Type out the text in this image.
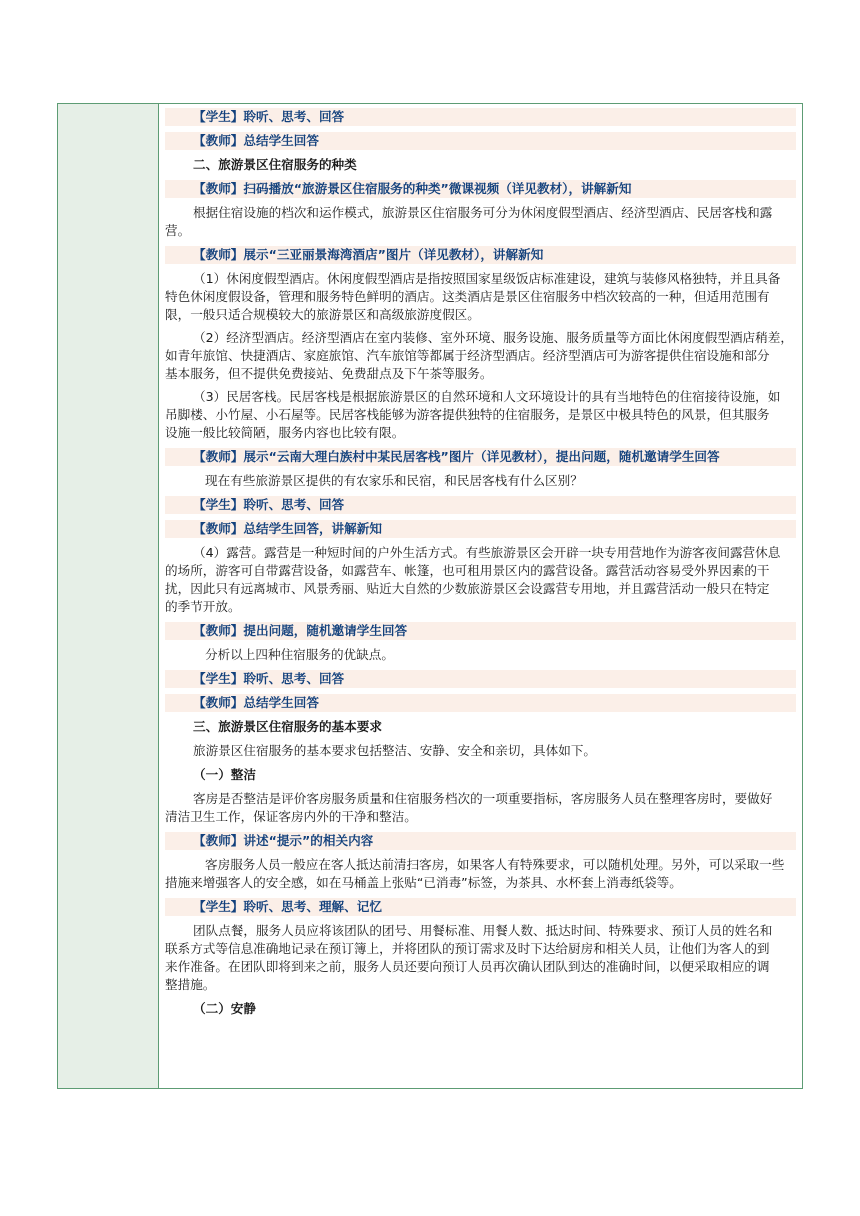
【学生】聆听、思考、回答
【教师】总结学生回答
二、旅游景区住宿服务的种类
【教师】扫码播放“旅游景区住宿服务的种类”微课视频（详见教材），讲解新知
根据住宿设施的档次和运作模式，旅游景区住宿服务可分为休闲度假型酒店、经济型酒店、民居客栈和露
营。
【教师】展示“三亚丽景海湾酒店”图片（详见教材），讲解新知
（1）休闲度假型酒店。休闲度假型酒店是指按照国家星级饭店标准建设，建筑与装修风格独特，并且具备
特色休闲度假设备，管理和服务特色鲜明的酒店。这类酒店是景区住宿服务中档次较高的一种，但适用范围有
限，一般只适合规模较大的旅游景区和高级旅游度假区。
（2）经济型酒店。经济型酒店在室内装修、室外环境、服务设施、服务质量等方面比休闲度假型酒店稍差，
如青年旅馆、快捷酒店、家庭旅馆、汽车旅馆等都属于经济型酒店。经济型酒店可为游客提供住宿设施和部分
基本服务，但不提供免费接站、免费甜点及下午茶等服务。
（3）民居客栈。民居客栈是根据旅游景区的自然环境和人文环境设计的具有当地特色的住宿接待设施，如
吊脚楼、小竹屋、小石屋等。民居客栈能够为游客提供独特的住宿服务，是景区中极具特色的风景，但其服务
设施一般比较简陋，服务内容也比较有限。
【教师】展示“云南大理白族村中某民居客栈”图片（详见教材），提出问题，随机邀请学生回答
现在有些旅游景区提供的有农家乐和民宿，和民居客栈有什么区别？
【学生】聆听、思考、回答
【教师】总结学生回答，讲解新知
（4）露营。露营是一种短时间的户外生活方式。有些旅游景区会开辟一块专用营地作为游客夜间露营休息
的场所，游客可自带露营设备，如露营车、帐篷，也可租用景区内的露营设备。露营活动容易受外界因素的干
扰，因此只有远离城市、风景秀丽、贴近大自然的少数旅游景区会设露营专用地，并且露营活动一般只在特定
的季节开放。
【教师】提出问题，随机邀请学生回答
分析以上四种住宿服务的优缺点。
【学生】聆听、思考、回答
【教师】总结学生回答
三、旅游景区住宿服务的基本要求
旅游景区住宿服务的基本要求包括整洁、安静、安全和亲切，具体如下。
（一）整洁
客房是否整洁是评价客房服务质量和住宿服务档次的一项重要指标，客房服务人员在整理客房时，要做好
清洁卫生工作，保证客房内外的干净和整洁。
【教师】讲述“提示”的相关内容
客房服务人员一般应在客人抵达前清扫客房，如果客人有特殊要求，可以随机处理。另外，可以采取一些
措施来增强客人的安全感，如在马桶盖上张贴“已消毒”标签，为茶具、水杯套上消毒纸袋等。
【学生】聆听、思考、理解、记忆
团队点餐，服务人员应将该团队的团号、用餐标准、用餐人数、抵达时间、特殊要求、预订人员的姓名和
联系方式等信息准确地记录在预订簿上，并将团队的预订需求及时下达给厨房和相关人员，让他们为客人的到
来作准备。在团队即将到来之前，服务人员还要向预订人员再次确认团队到达的准确时间，以便采取相应的调
整措施。
（二）安静
